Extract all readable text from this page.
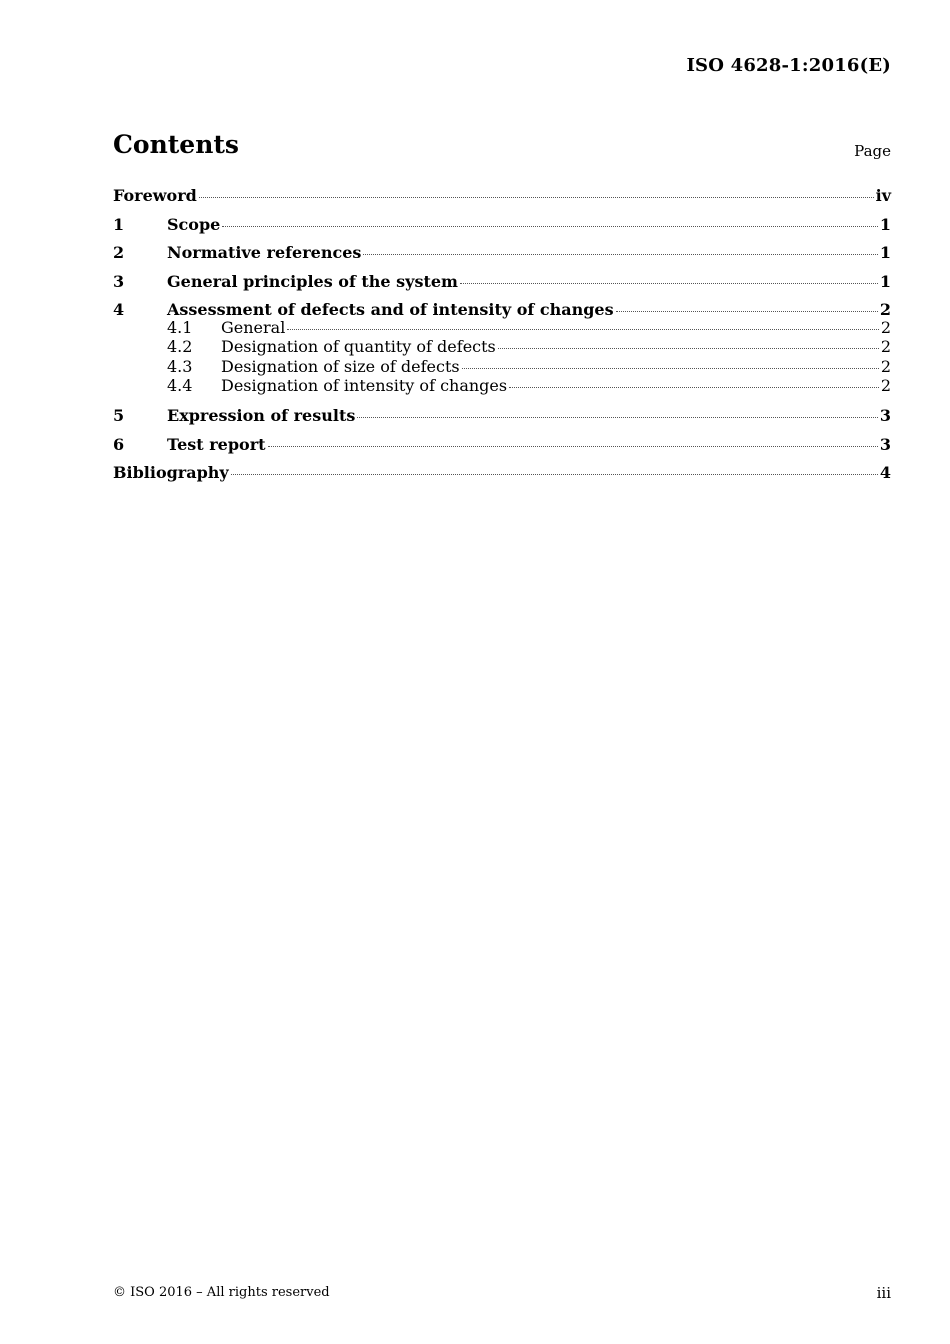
ISO 4628-1:2016(E)
Contents	Page
Foreword	iv
1	Scope	1
2	Normative references	1
3	General principles of the system	1
4	Assessment of defects and of intensity of changes	2
4.1	General	2
4.2	Designation of quantity of defects	2
4.3	Designation of size of defects	2
4.4	Designation of intensity of changes	2
5	Expression of results	3
6	Test report	3
Bibliography	4
© ISO 2016 – All rights reserved	iii
